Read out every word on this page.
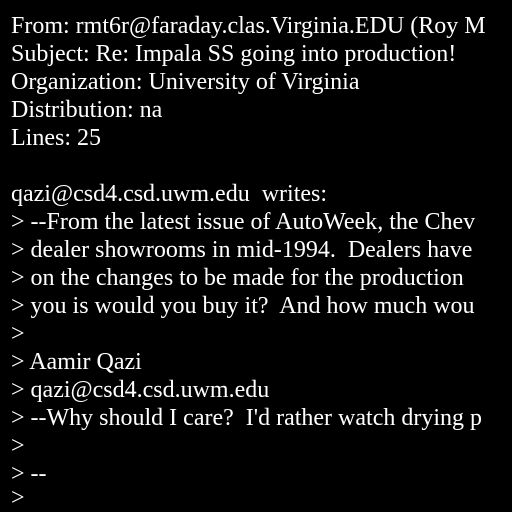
From: rmt6r@faraday.clas.Virginia.EDU (Roy M
Subject: Re: Impala SS going into production!
Organization: University of Virginia
Distribution: na
Lines: 25
qazi@csd4.csd.uwm.edu  writes:
> --From the latest issue of AutoWeek, the Chev
> dealer showrooms in mid-1994.  Dealers have
> on the changes to be made for the production
> you is would you buy it?  And how much wou
>
> Aamir Qazi
> qazi@csd4.csd.uwm.edu
> --Why should I care?  I'd rather watch drying p
>
> --
>
